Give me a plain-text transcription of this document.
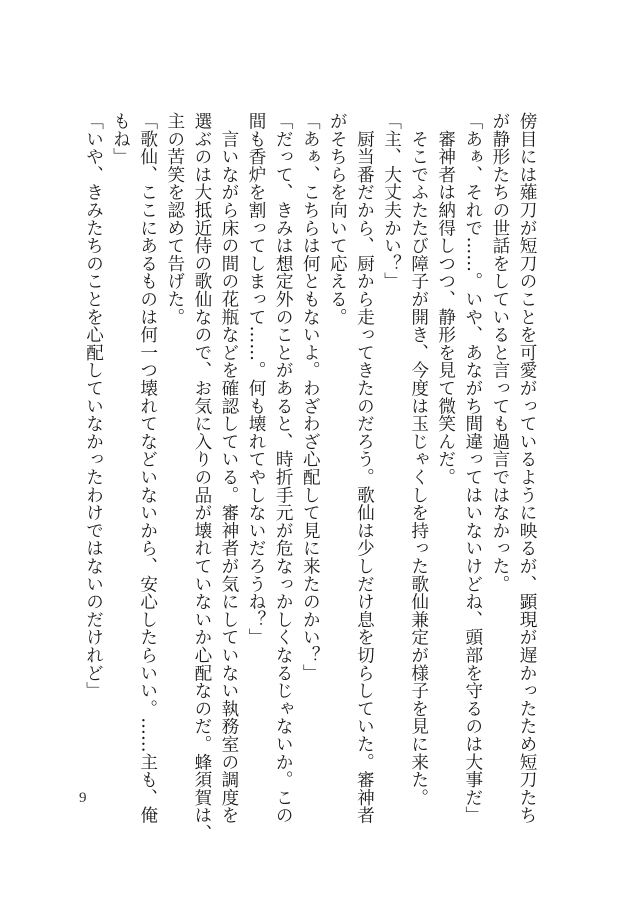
傍目には薙刀が短刀のことを可愛がっているように映るが、顕現が遅かったため短刀たち
が静形たちの世話をしていると言っても過言ではなかった。
「あぁ、それで……。いや、あながち間違ってはいないけどね、頭部を守るのは大事だ」
　審神者は納得しつつ、静形を見て微笑んだ。
　そこでふたたび障子が開き、今度は玉じゃくしを持った歌仙兼定が様子を見に来た。
「主、大丈夫かい？」
　厨当番だから、厨から走ってきたのだろう。歌仙は少しだけ息を切らしていた。審神者
がそちらを向いて応える。
「あぁ、こちらは何ともないよ。わざわざ心配して見に来たのかい？」
「だって、きみは想定外のことがあると、時折手元が危なっかしくなるじゃないか。この
間も香炉を割ってしまって……。何も壊れてやしないだろうね？」
　言いながら床の間の花瓶などを確認している。審神者が気にしていない執務室の調度を
選ぶのは大抵近侍の歌仙なので、お気に入りの品が壊れていないか心配なのだ。蜂須賀は、
主の苦笑を認めて告げた。
「歌仙、ここにあるものは何一つ壊れてなどいないから、安心したらいい。……主も、俺
もね」
「いや、きみたちのことを心配していなかったわけではないのだけれど」
9
